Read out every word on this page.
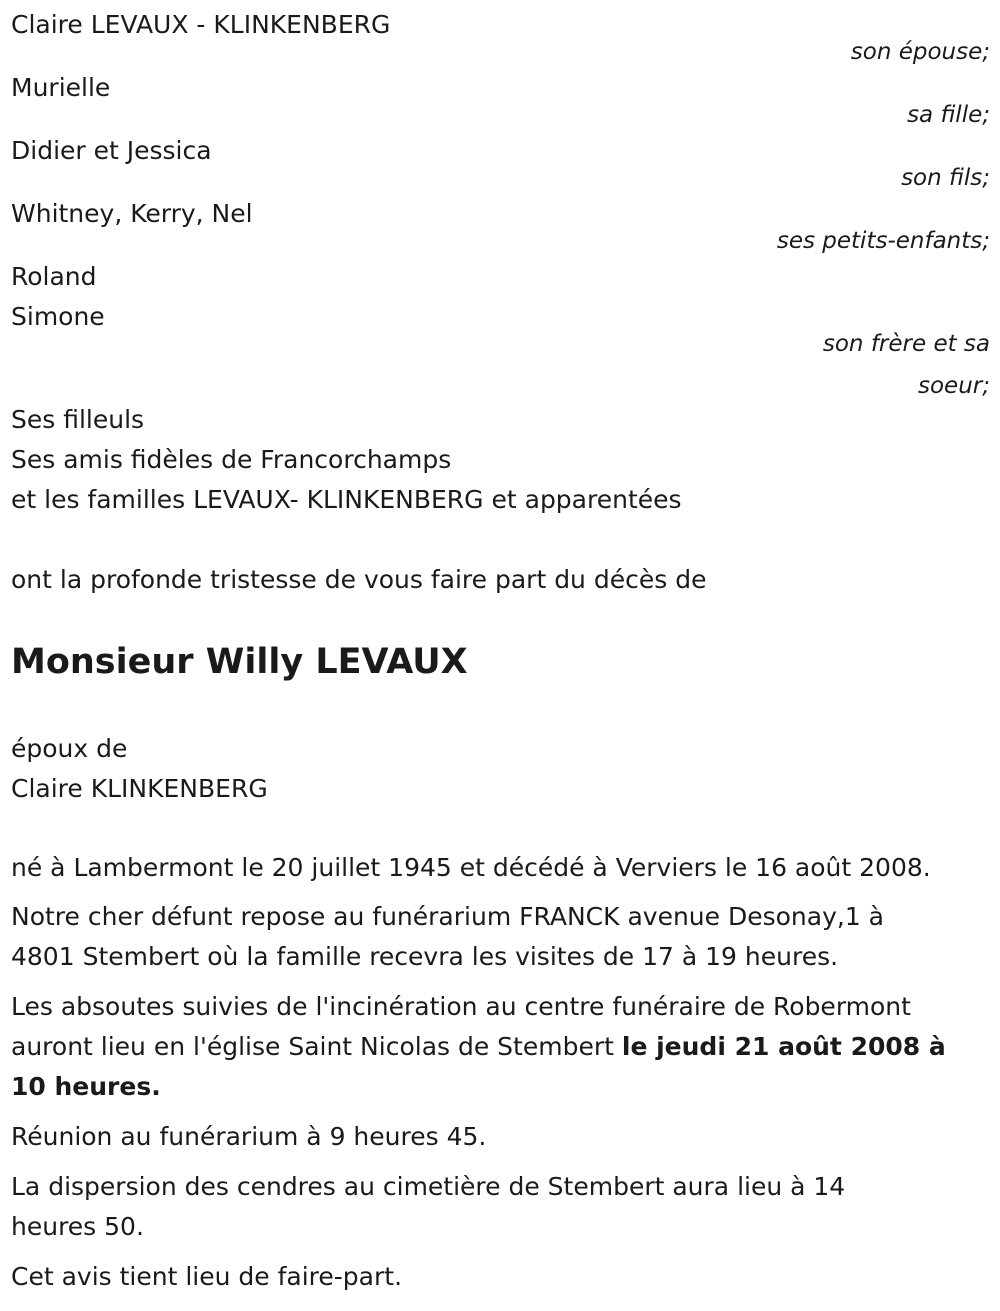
Claire LEVAUX - KLINKENBERG
son épouse;
Murielle
sa fille;
Didier et Jessica
son fils;
Whitney, Kerry, Nel
ses petits-enfants;
Roland
Simone
son frère et sa
soeur;
Ses filleuls
Ses amis fidèles de Francorchamps
et les familles LEVAUX- KLINKENBERG et apparentées
ont la profonde tristesse de vous faire part du décès de
Monsieur Willy LEVAUX
époux de
Claire KLINKENBERG
né à Lambermont le 20 juillet 1945 et décédé à Verviers le 16 août 2008.
Notre cher défunt repose au funérarium FRANCK avenue Desonay,1 à
4801 Stembert où la famille recevra les visites de 17 à 19 heures.
Les absoutes suivies de l'incinération au centre funéraire de Robermont
auront lieu en l'église Saint Nicolas de Stembert le jeudi 21 août 2008 à
10 heures.
Réunion au funérarium à 9 heures 45.
La dispersion des cendres au cimetière de Stembert aura lieu à 14
heures 50.
Cet avis tient lieu de faire-part.
